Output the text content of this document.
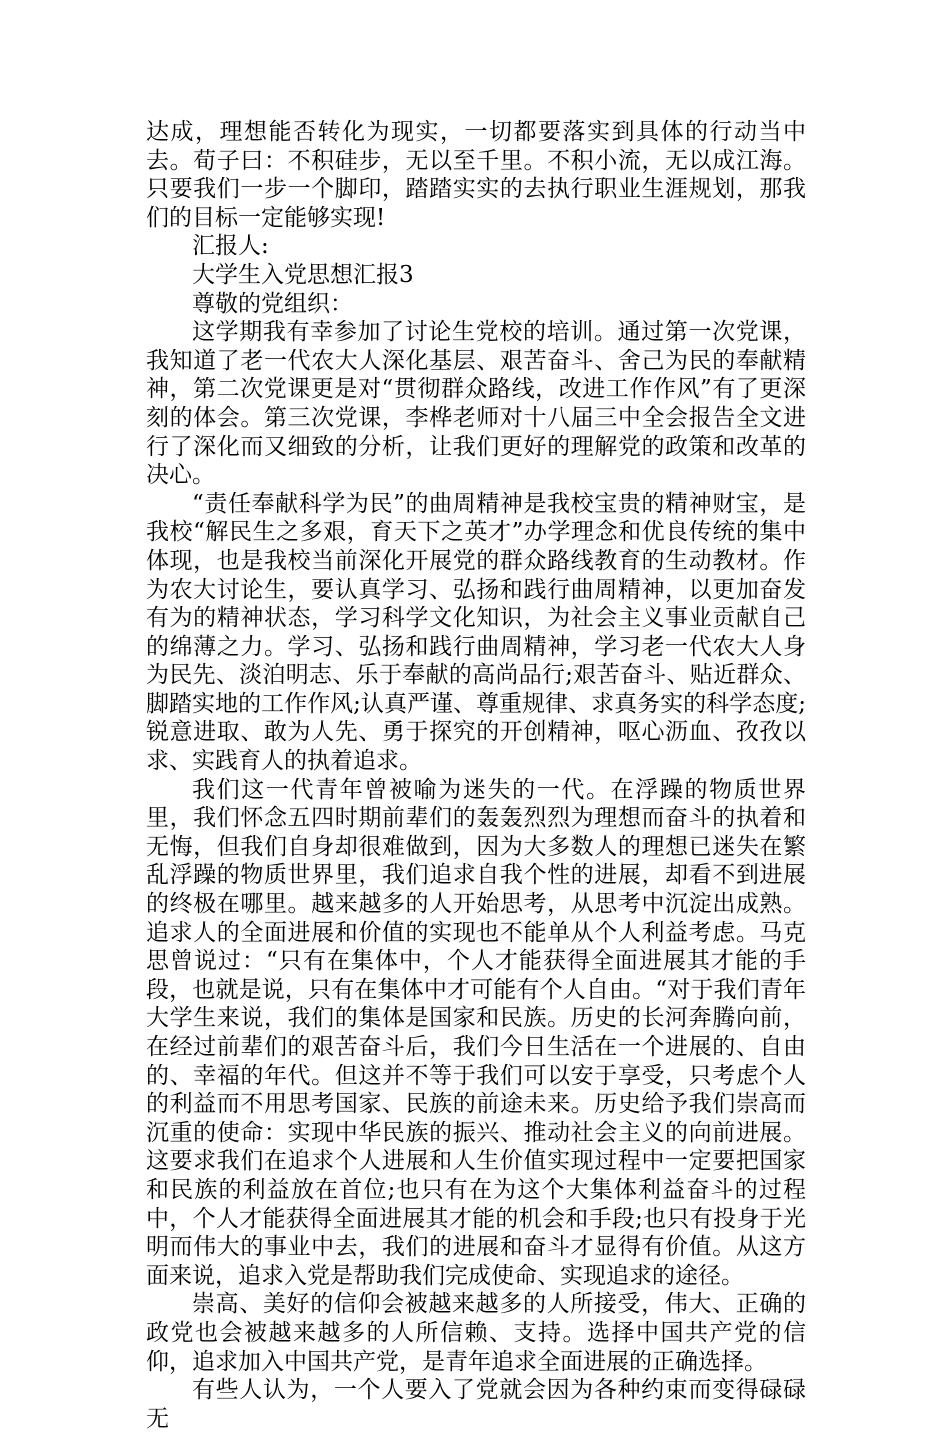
达成，理想能否转化为现实，一切都要落实到具体的行动当中去。荀子曰：不积硅步，无以至千里。不积小流，无以成江海。只要我们一步一个脚印，踏踏实实的去执行职业生涯规划，那我们的目标一定能够实现!

汇报人:

大学生入党思想汇报3

尊敬的党组织：

这学期我有幸参加了讨论生党校的培训。通过第一次党课，我知道了老一代农大人深化基层、艰苦奋斗、舍己为民的奉献精神，第二次党课更是对“贯彻群众路线，改进工作作风”有了更深刻的体会。第三次党课，李桦老师对十八届三中全会报告全文进行了深化而又细致的分析，让我们更好的理解党的政策和改革的决心。

“责任奉献科学为民”的曲周精神是我校宝贵的精神财宝，是我校“解民生之多艰，育天下之英才”办学理念和优良传统的集中体现，也是我校当前深化开展党的群众路线教育的生动教材。作为农大讨论生，要认真学习、弘扬和践行曲周精神，以更加奋发有为的精神状态，学习科学文化知识，为社会主义事业贡献自己的绵薄之力。学习、弘扬和践行曲周精神，学习老一代农大人身为民先、淡泊明志、乐于奉献的高尚品行;艰苦奋斗、贴近群众、脚踏实地的工作作风;认真严谨、尊重规律、求真务实的科学态度;锐意进取、敢为人先、勇于探究的开创精神，呕心沥血、孜孜以求、实践育人的执着追求。

我们这一代青年曾被喻为迷失的一代。在浮躁的物质世界里，我们怀念五四时期前辈们的轰轰烈烈为理想而奋斗的执着和无悔，但我们自身却很难做到，因为大多数人的理想已迷失在繁乱浮躁的物质世界里，我们追求自我个性的进展，却看不到进展的终极在哪里。越来越多的人开始思考，从思考中沉淀出成熟。追求人的全面进展和价值的实现也不能单从个人利益考虑。马克思曾说过：“只有在集体中，个人才能获得全面进展其才能的手段，也就是说，只有在集体中才可能有个人自由。“对于我们青年大学生来说，我们的集体是国家和民族。历史的长河奔腾向前，在经过前辈们的艰苦奋斗后，我们今日生活在一个进展的、自由的、幸福的年代。但这并不等于我们可以安于享受，只考虑个人的利益而不用思考国家、民族的前途未来。历史给予我们崇高而沉重的使命：实现中华民族的振兴、推动社会主义的向前进展。这要求我们在追求个人进展和人生价值实现过程中一定要把国家和民族的利益放在首位;也只有在为这个大集体利益奋斗的过程中，个人才能获得全面进展其才能的机会和手段;也只有投身于光明而伟大的事业中去，我们的进展和奋斗才显得有价值。从这方面来说，追求入党是帮助我们完成使命、实现追求的途径。

崇高、美好的信仰会被越来越多的人所接受，伟大、正确的政党也会被越来越多的人所信赖、支持。选择中国共产党的信仰，追求加入中国共产党，是青年追求全面进展的正确选择。

有些人认为，一个人要入了党就会因为各种约束而变得碌碌无
